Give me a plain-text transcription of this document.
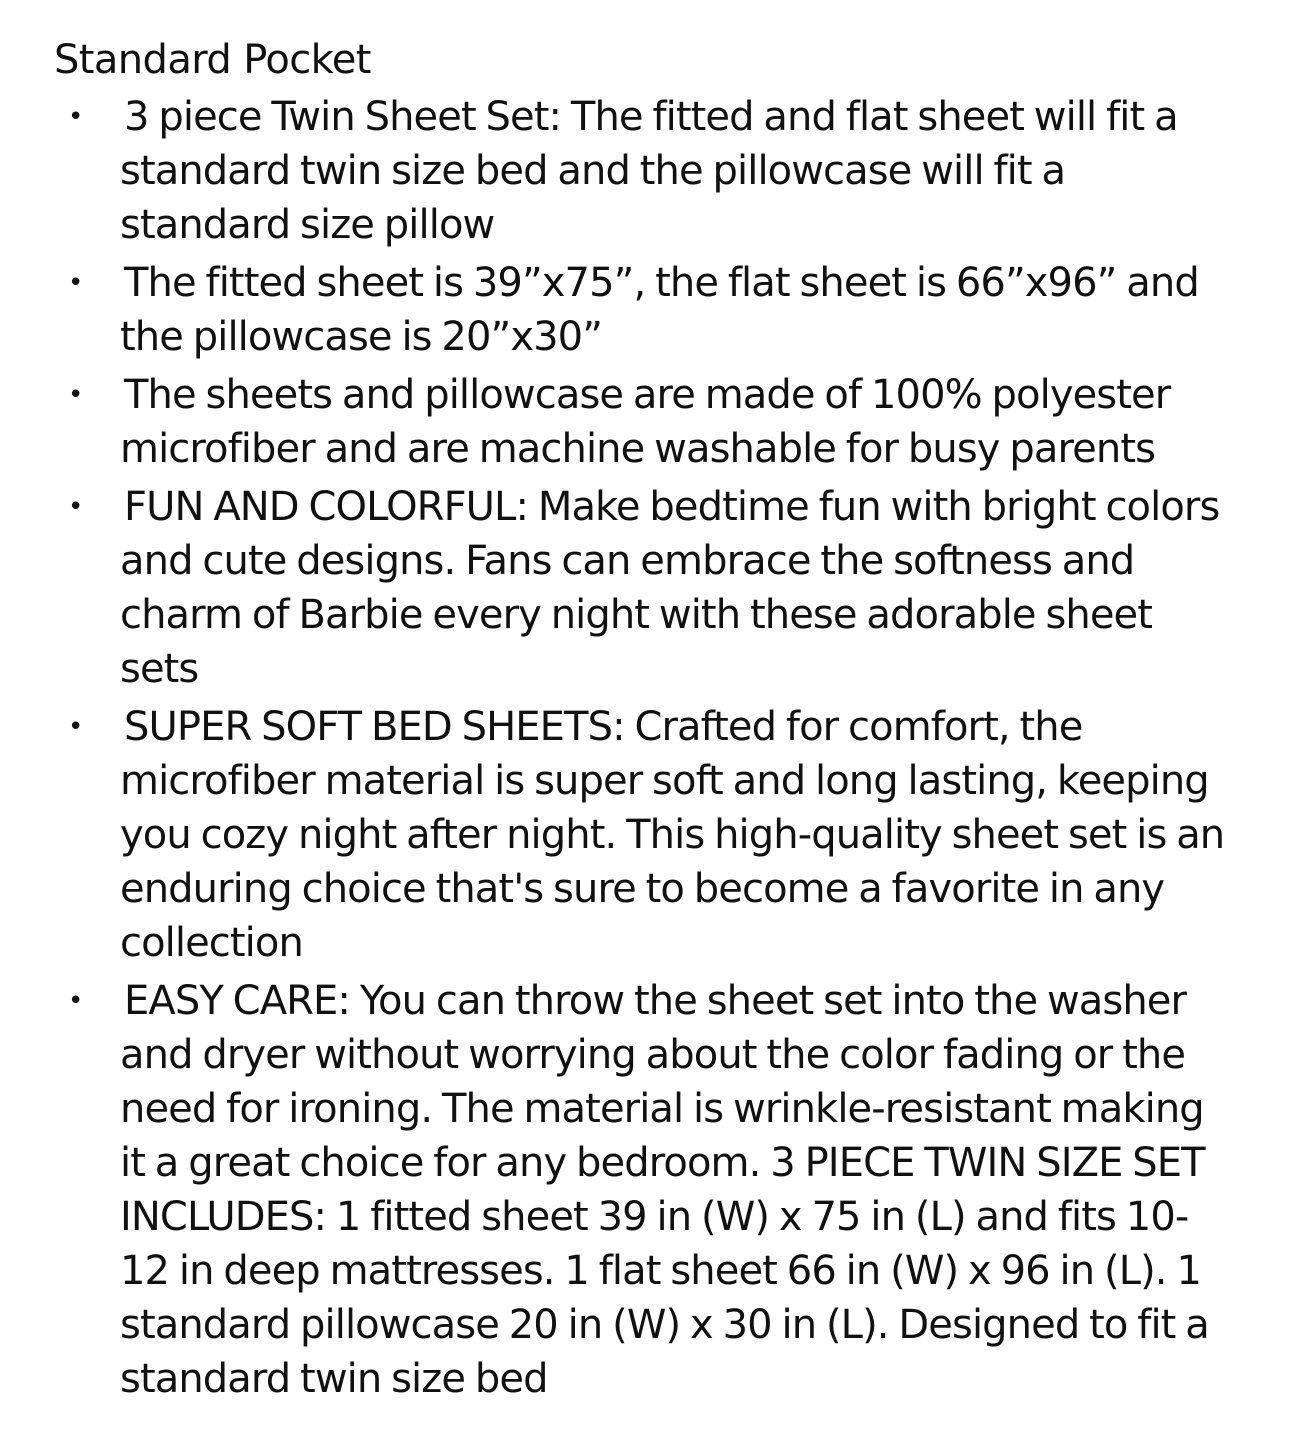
Standard Pocket
• 3 piece Twin Sheet Set: The fitted and flat sheet will fit a standard twin size bed and the pillowcase will fit a standard size pillow
• The fitted sheet is 39”x75”, the flat sheet is 66”x96” and the pillowcase is 20”x30”
• The sheets and pillowcase are made of 100% polyester microfiber and are machine washable for busy parents
• FUN AND COLORFUL: Make bedtime fun with bright colors and cute designs. Fans can embrace the softness and charm of Barbie every night with these adorable sheet sets
• SUPER SOFT BED SHEETS: Crafted for comfort, the microfiber material is super soft and long lasting, keeping you cozy night after night. This high-quality sheet set is an enduring choice that's sure to become a favorite in any collection
• EASY CARE: You can throw the sheet set into the washer and dryer without worrying about the color fading or the need for ironing. The material is wrinkle-resistant making it a great choice for any bedroom. 3 PIECE TWIN SIZE SET INCLUDES: 1 fitted sheet 39 in (W) x 75 in (L) and fits 10-12 in deep mattresses. 1 flat sheet 66 in (W) x 96 in (L). 1 standard pillowcase 20 in (W) x 30 in (L). Designed to fit a standard twin size bed
